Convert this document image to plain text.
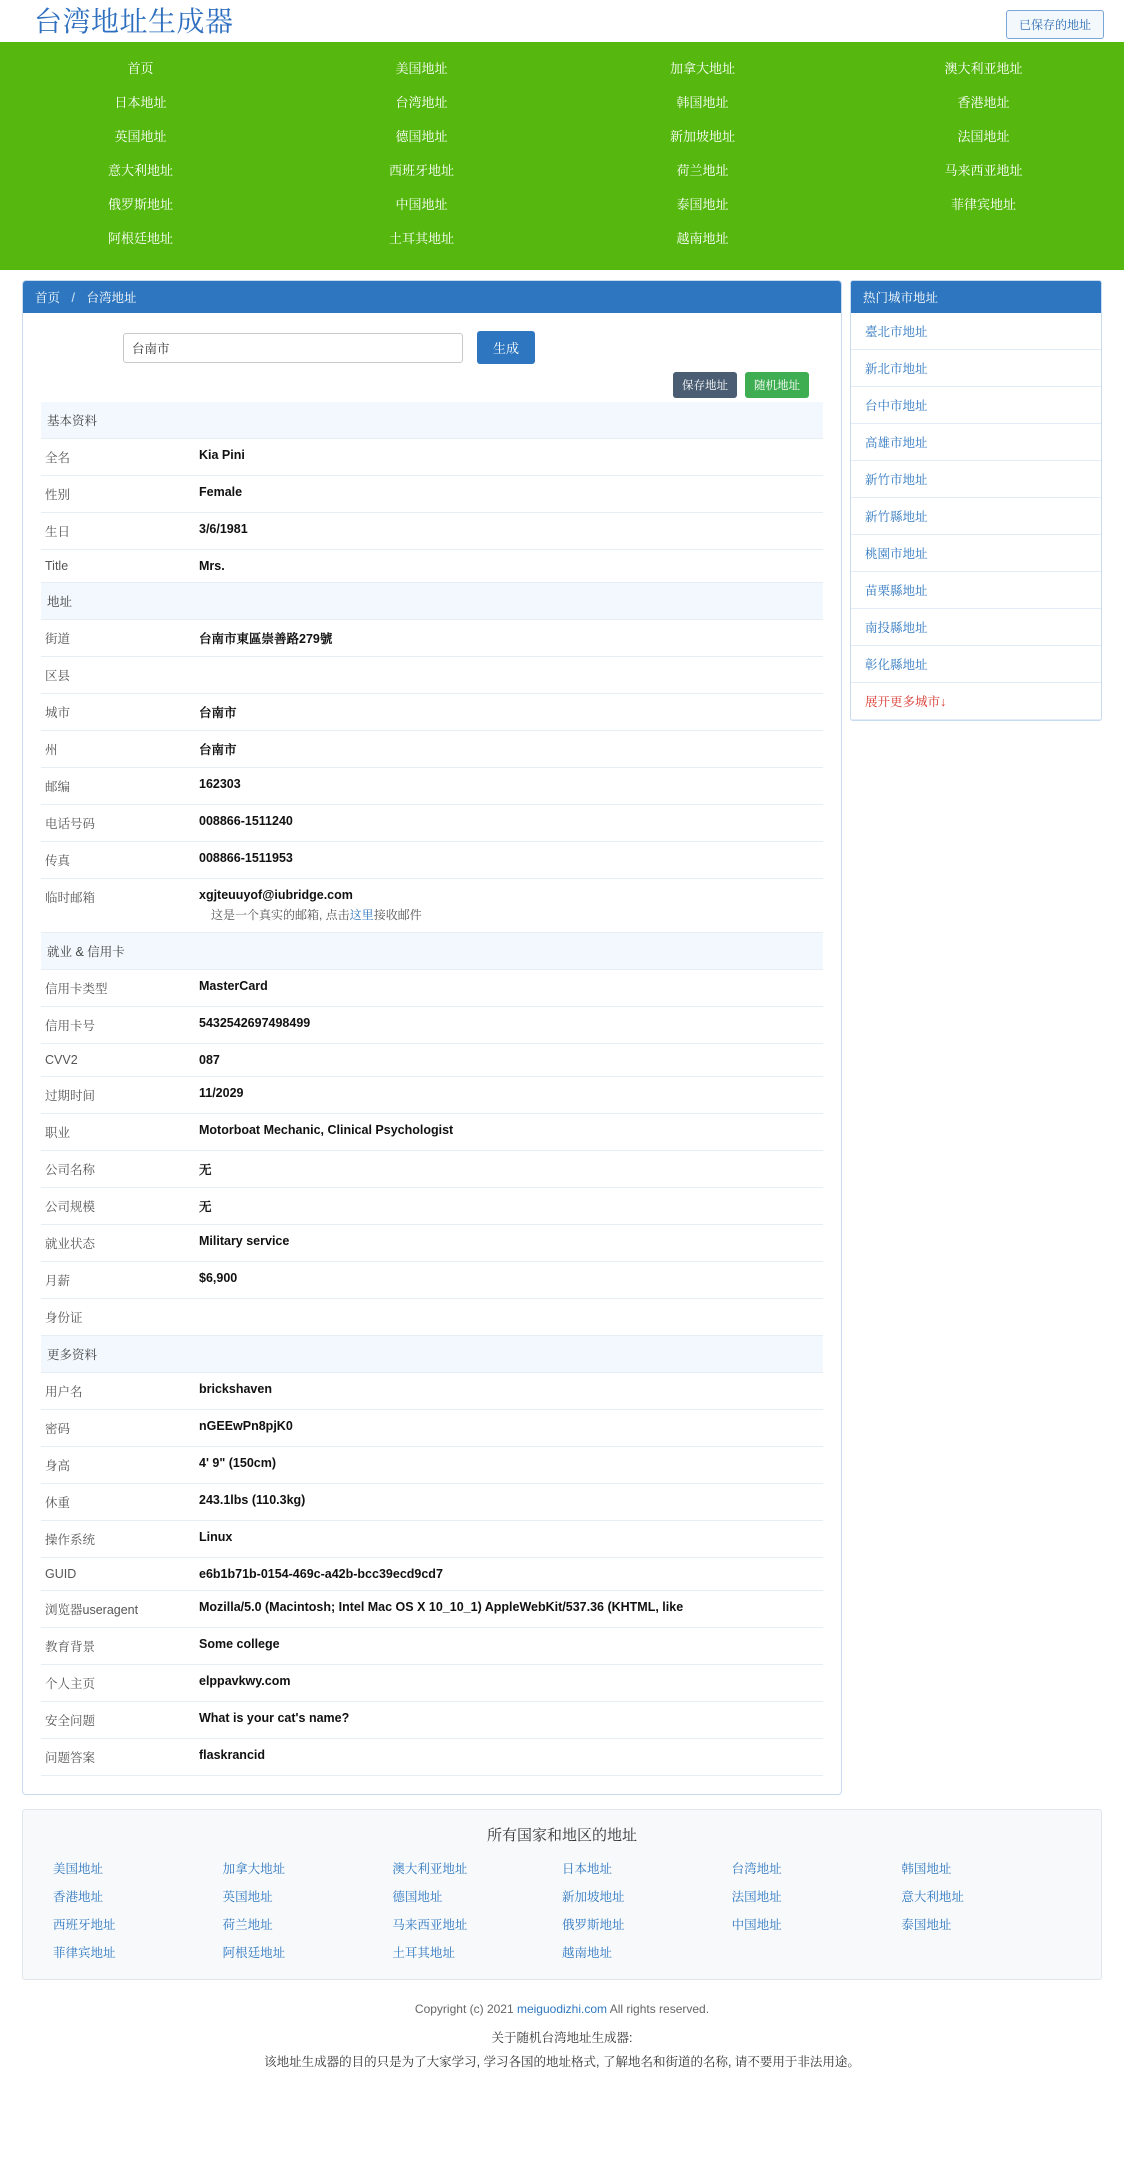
台湾地址生成器	已保存的地址
首页	美国地址	加拿大地址	澳大利亚地址
日本地址	台湾地址	韩国地址	香港地址
英国地址	德国地址	新加坡地址	法国地址
意大利地址	西班牙地址	荷兰地址	马来西亚地址
俄罗斯地址	中国地址	泰国地址	菲律宾地址
阿根廷地址	土耳其地址	越南地址
首页 / 台湾地址
台南市
生成
保存地址	随机地址
基本资料	
全名	Kia Pini
性别	Female
生日	3/6/1981
Title	Mrs.
地址	
街道	台南市東區崇善路279號
区县	
城市	台南市
州	台南市
邮编	162303
电话号码	008866-1511240
传真	008866-1511953
临时邮箱	xgjteuuyof@iubridge.com
这是一个真实的邮箱, 点击这里接收邮件

就业 & 信用卡	
信用卡类型	MasterCard
信用卡号	5432542697498499
CVV2	087
过期时间	11/2029
职业	Motorboat Mechanic, Clinical Psychologist
公司名称	无
公司规模	无
就业状态	Military service
月薪	$6,900
身份证	
更多资料	
用户名	brickshaven
密码	nGEEwPn8pjK0
身高	4' 9" (150cm)
休重	243.1lbs (110.3kg)
操作系统	Linux
GUID	e6b1b71b-0154-469c-a42b-bcc39ecd9cd7
浏览器useragent	Mozilla/5.0 (Macintosh; Intel Mac OS X 10_10_1) AppleWebKit/537.36 (KHTML, like

教育背景	Some college
个人主页	elppavkwy.com
安全问题	What is your cat's name?
问题答案	flaskrancid
热门城市地址
臺北市地址
新北市地址
台中市地址
高雄市地址
新竹市地址
新竹縣地址
桃園市地址
苗栗縣地址
南投縣地址
彰化縣地址
展开更多城市↓
所有国家和地区的地址
美国地址	加拿大地址	澳大利亚地址	日本地址	台湾地址	韩国地址
香港地址	英国地址	德国地址	新加坡地址	法国地址	意大利地址
西班牙地址	荷兰地址	马来西亚地址	俄罗斯地址	中国地址	泰国地址
菲律宾地址	阿根廷地址	土耳其地址	越南地址
Copyright (c) 2021 meiguodizhi.com All rights reserved.
关于随机台湾地址生成器:
该地址生成器的目的只是为了大家学习, 学习各国的地址格式, 了解地名和街道的名称, 请不要用于非法用途。
